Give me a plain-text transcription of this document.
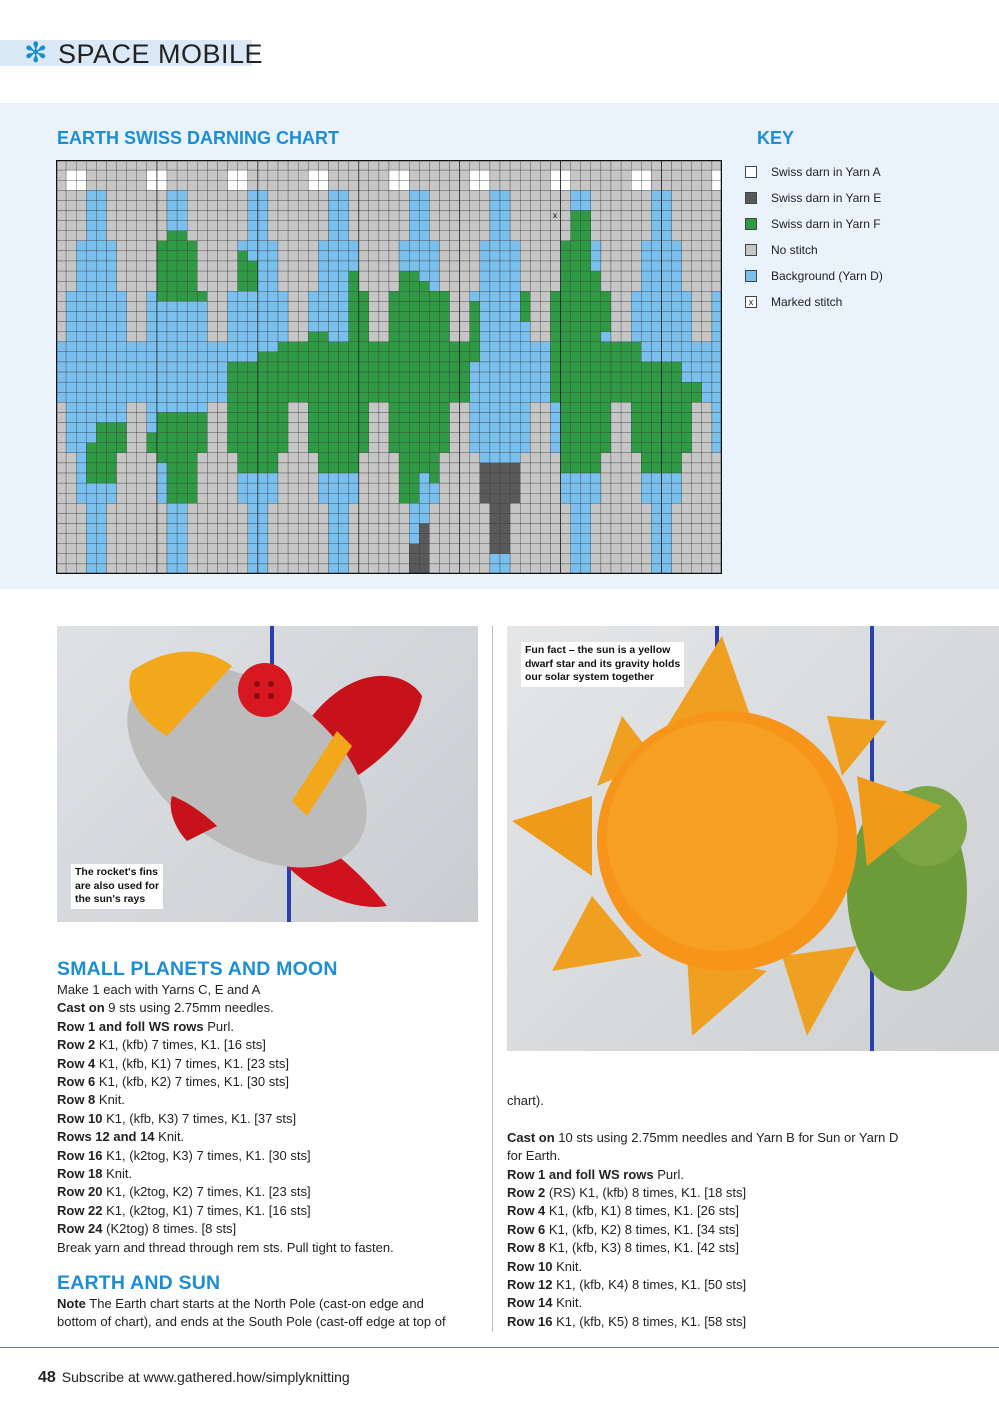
✻ SPACE MOBILE
EARTH SWISS DARNING CHART
x
KEY
Swiss darn in Yarn A
Swiss darn in Yarn E
Swiss darn in Yarn F
No stitch
Background (Yarn D)
x	Marked stitch
The rocket's fins
are also used for
the sun's rays
Fun fact – the sun is a yellow
dwarf star and its gravity holds
our solar system together
SMALL PLANETS AND MOON

Make 1 each with Yarns C, E and A

Cast on 9 sts using 2.75mm needles.

Row 1 and foll WS rows Purl.

Row 2 K1, (kfb) 7 times, K1. [16 sts]

Row 4 K1, (kfb, K1) 7 times, K1. [23 sts]

Row 6 K1, (kfb, K2) 7 times, K1. [30 sts]

Row 8 Knit.

Row 10 K1, (kfb, K3) 7 times, K1. [37 sts]

Rows 12 and 14 Knit.

Row 16 K1, (k2tog, K3) 7 times, K1. [30 sts]

Row 18 Knit.

Row 20 K1, (k2tog, K2) 7 times, K1. [23 sts]

Row 22 K1, (k2tog, K1) 7 times, K1. [16 sts]

Row 24 (K2tog) 8 times. [8 sts]

Break yarn and thread through rem sts. Pull tight to fasten.

EARTH AND SUN

Note The Earth chart starts at the North Pole (cast-on edge and

bottom of chart), and ends at the South Pole (cast-off edge at top of

chart).

Cast on 10 sts using 2.75mm needles and Yarn B for Sun or Yarn D

for Earth.

Row 1 and foll WS rows Purl.

Row 2 (RS) K1, (kfb) 8 times, K1. [18 sts]

Row 4 K1, (kfb, K1) 8 times, K1. [26 sts]

Row 6 K1, (kfb, K2) 8 times, K1. [34 sts]

Row 8 K1, (kfb, K3) 8 times, K1. [42 sts]

Row 10 Knit.

Row 12 K1, (kfb, K4) 8 times, K1. [50 sts]

Row 14 Knit.

Row 16 K1, (kfb, K5) 8 times, K1. [58 sts]

48 Subscribe at www.gathered.how/simplyknitting
